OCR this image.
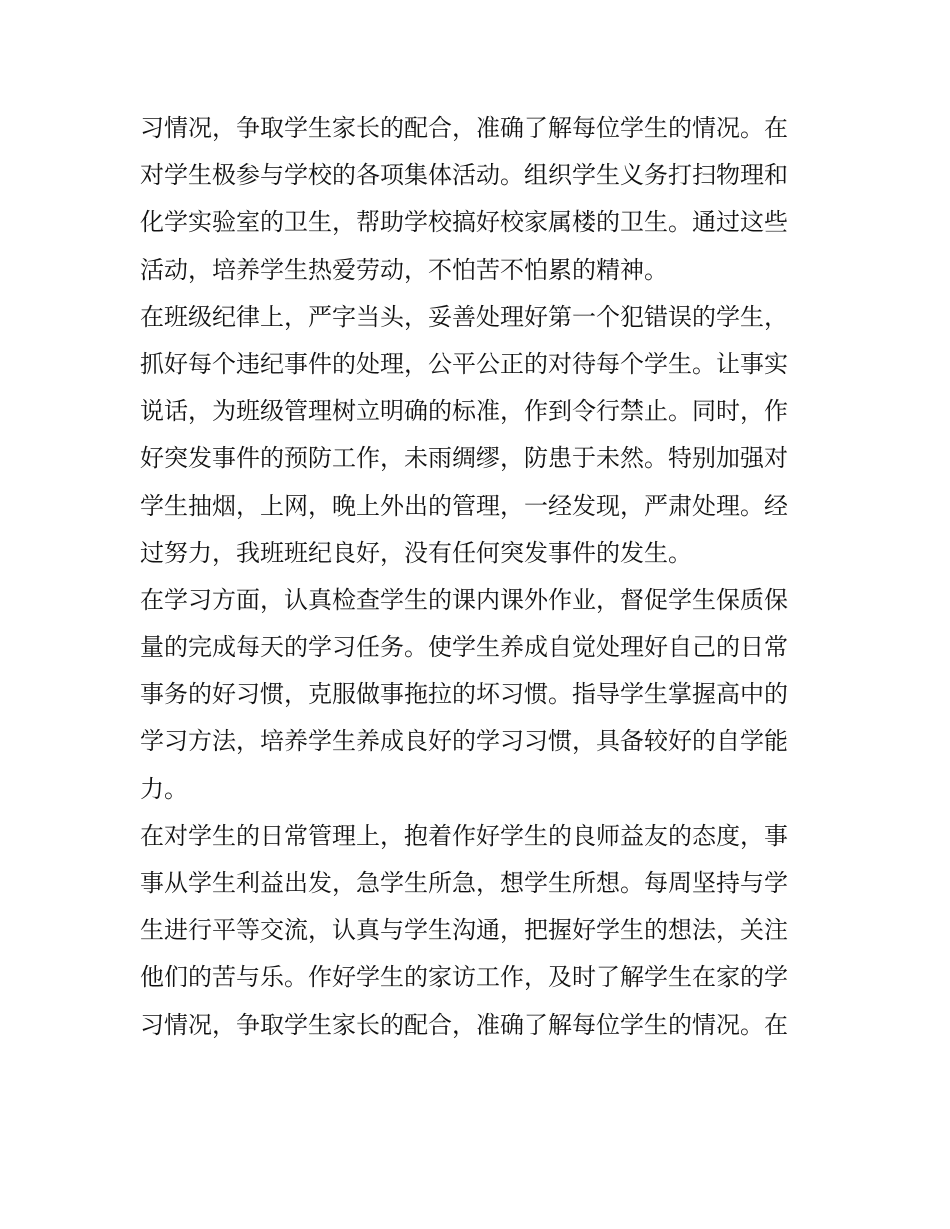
习情况，争取学生家长的配合，准确了解每位学生的情况。在
对学生极参与学校的各项集体活动。组织学生义务打扫物理和
化学实验室的卫生，帮助学校搞好校家属楼的卫生。通过这些
活动，培养学生热爱劳动，不怕苦不怕累的精神。
在班级纪律上，严字当头，妥善处理好第一个犯错误的学生，
抓好每个违纪事件的处理，公平公正的对待每个学生。让事实
说话，为班级管理树立明确的标准，作到令行禁止。同时，作
好突发事件的预防工作，未雨绸缪，防患于未然。特别加强对
学生抽烟，上网，晚上外出的管理，一经发现，严肃处理。经
过努力，我班班纪良好，没有任何突发事件的发生。
在学习方面，认真检查学生的课内课外作业，督促学生保质保
量的完成每天的学习任务。使学生养成自觉处理好自己的日常
事务的好习惯，克服做事拖拉的坏习惯。指导学生掌握高中的
学习方法，培养学生养成良好的学习习惯，具备较好的自学能
力。
在对学生的日常管理上，抱着作好学生的良师益友的态度，事
事从学生利益出发，急学生所急，想学生所想。每周坚持与学
生进行平等交流，认真与学生沟通，把握好学生的想法，关注
他们的苦与乐。作好学生的家访工作，及时了解学生在家的学
习情况，争取学生家长的配合，准确了解每位学生的情况。在
